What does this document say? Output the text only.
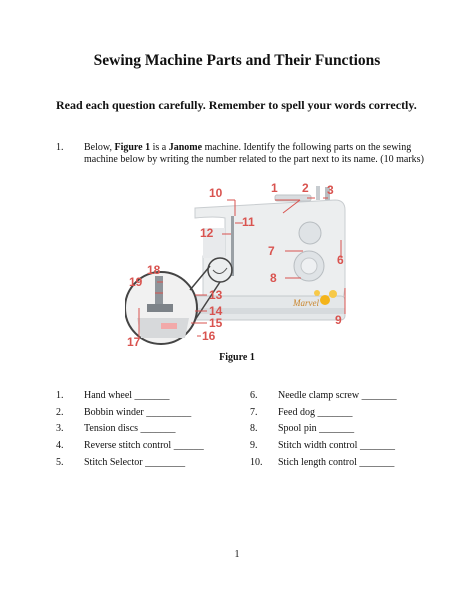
Sewing Machine Parts and Their Functions
Read each question carefully. Remember to spell your words correctly.
1. Below, Figure 1 is a Janome machine. Identify the following parts on the sewing machine below by writing the number related to the part next to its name. (10 marks)
Marvel
10	1 2 3
11
12
7
8
6
9
18
19
13
14
15
16
17
Figure 1
1. Hand wheel _______
2. Bobbin winder _________
3. Tension discs _______
4. Reverse stitch control ______
5. Stitch Selector ________
6. Needle clamp screw _______
7. Feed dog _______
8. Spool pin _______
9. Stitch width control _______
10. Stich length control _______
1
